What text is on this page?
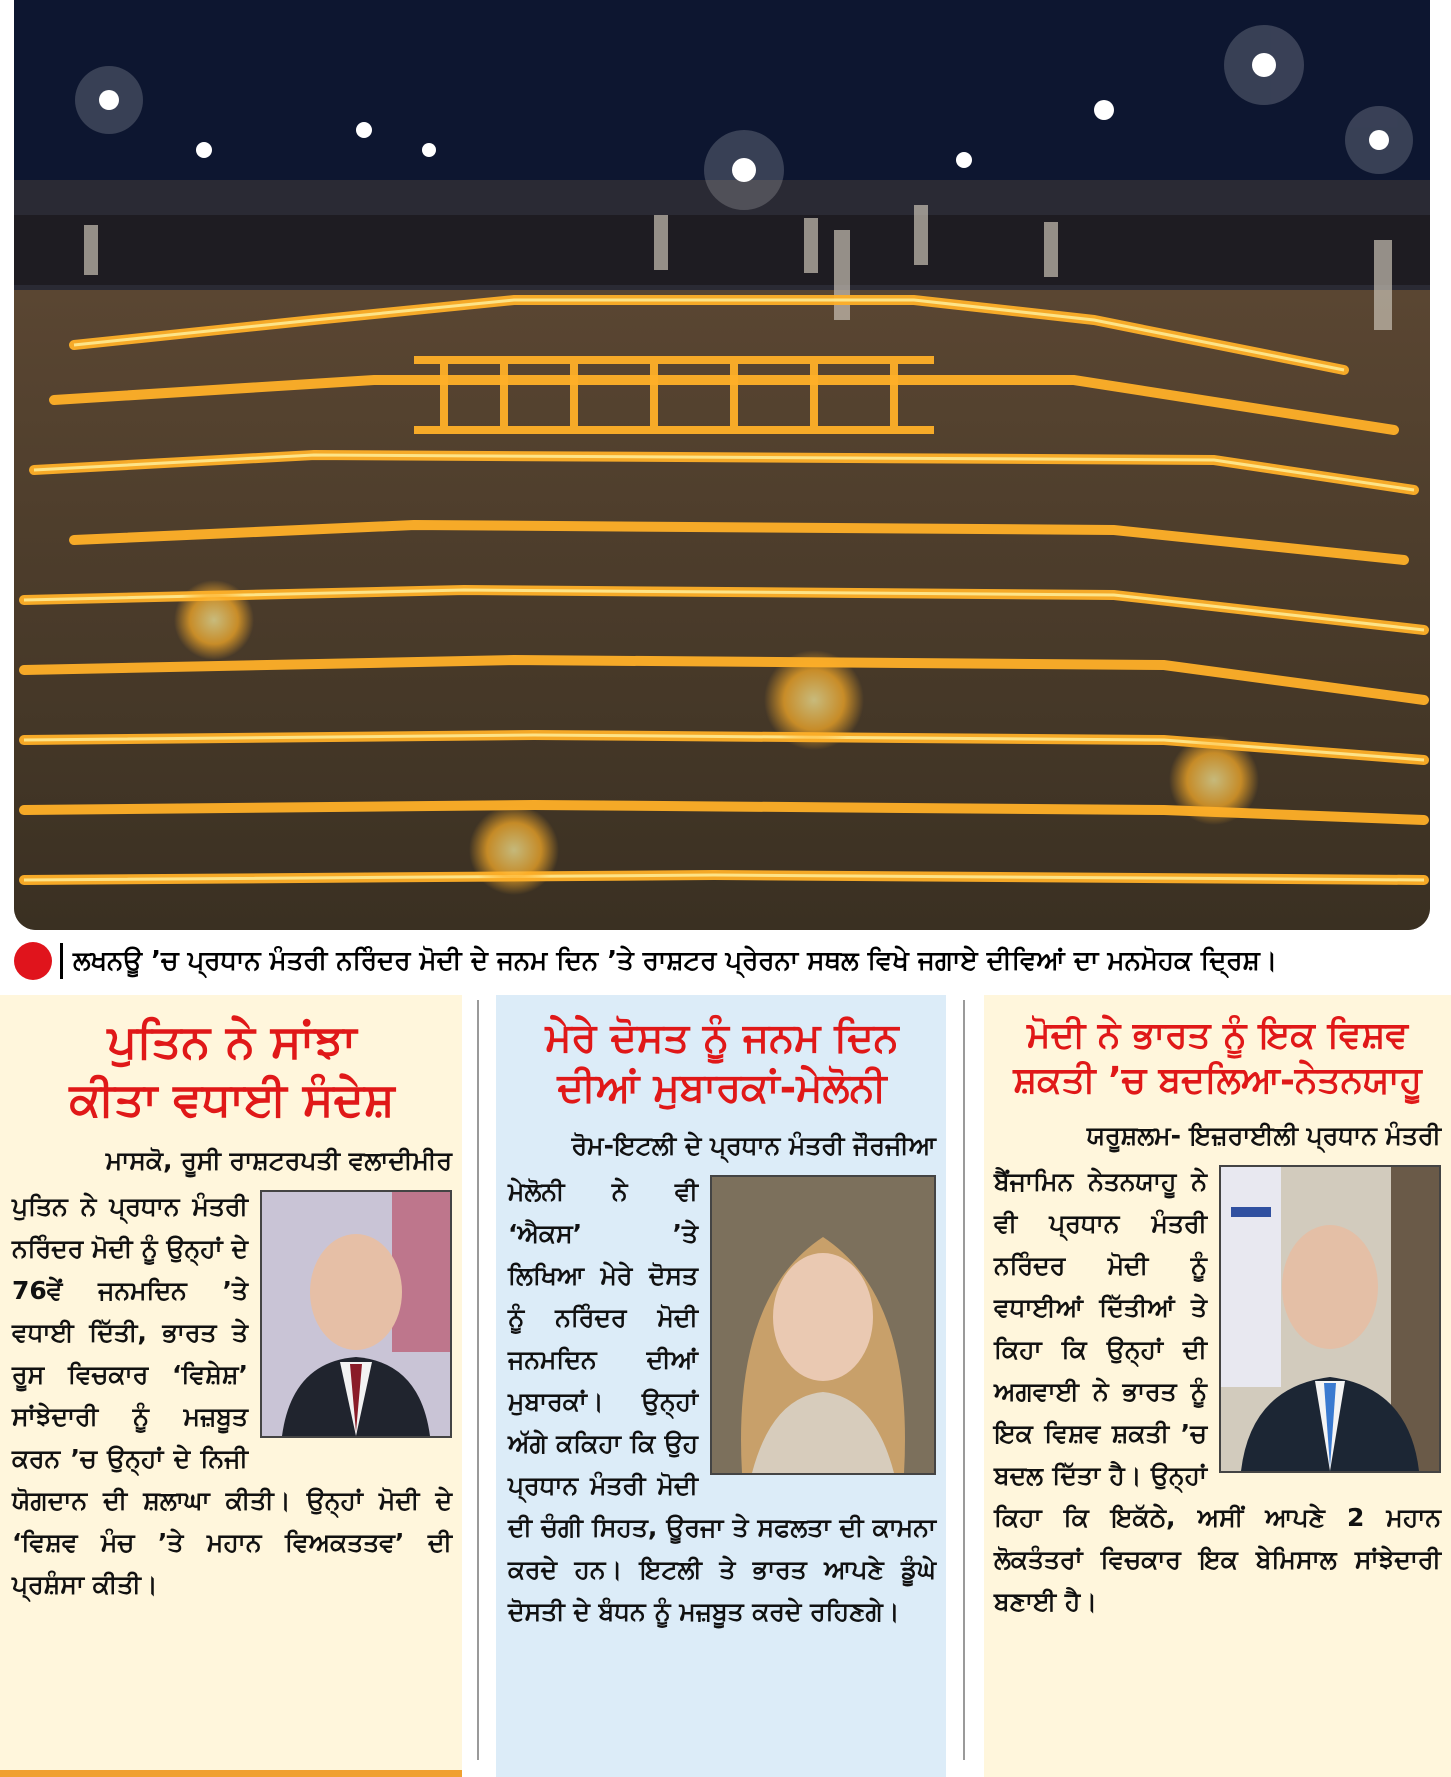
ਲਖਨਊ ’ਚ ਪ੍ਰਧਾਨ ਮੰਤਰੀ ਨਰਿੰਦਰ ਮੋਦੀ ਦੇ ਜਨਮ ਦਿਨ ’ਤੇ ਰਾਸ਼ਟਰ ਪ੍ਰੇਰਨਾ ਸਥਲ ਵਿਖੇ ਜਗਾਏ ਦੀਵਿਆਂ ਦਾ ਮਨਮੋਹਕ ਦ੍ਰਿਸ਼।
ਪੁਤਿਨ ਨੇ ਸਾਂਝਾ
ਕੀਤਾ ਵਧਾਈ ਸੰਦੇਸ਼
ਮਾਸਕੋ, ਰੂਸੀ ਰਾਸ਼ਟਰਪਤੀ ਵਲਾਦੀਮੀਰ

ਪੁਤਿਨ ਨੇ ਪ੍ਰਧਾਨ ਮੰਤਰੀ ਨਰਿੰਦਰ ਮੋਦੀ ਨੂੰ ਉਨ੍ਹਾਂ ਦੇ 76ਵੇਂ ਜਨਮਦਿਨ ’ਤੇ ਵਧਾਈ ਦਿੱਤੀ, ਭਾਰਤ ਤੇ ਰੂਸ ਵਿਚਕਾਰ ‘ਵਿਸ਼ੇਸ਼’ ਸਾਂਝੇਦਾਰੀ ਨੂੰ ਮਜ਼ਬੂਤ ਕਰਨ ’ਚ ਉਨ੍ਹਾਂ ਦੇ ਨਿਜੀ ਯੋਗਦਾਨ ਦੀ ਸ਼ਲਾਘਾ ਕੀਤੀ। ਉਨ੍ਹਾਂ ਮੋਦੀ ਦੇ ‘ਵਿਸ਼ਵ ਮੰਚ ’ਤੇ ਮਹਾਨ ਵਿਅਕਤਤਵ’ ਦੀ ਪ੍ਰਸ਼ੰਸਾ ਕੀਤੀ।

ਮੇਰੇ ਦੋਸਤ ਨੂੰ ਜਨਮ ਦਿਨ
ਦੀਆਂ ਮੁਬਾਰਕਾਂ-ਮੇਲੋਨੀ
ਰੋਮ-ਇਟਲੀ ਦੇ ਪ੍ਰਧਾਨ ਮੰਤਰੀ ਜੌਰਜੀਆ

ਮੇਲੋਨੀ ਨੇ ਵੀ ‘ਐਕਸ’ ’ਤੇ ਲਿਖਿਆ ਮੇਰੇ ਦੋਸਤ ਨੂੰ ਨਰਿੰਦਰ ਮੋਦੀ ਜਨਮਦਿਨ ਦੀਆਂ ਮੁਬਾਰਕਾਂ। ਉਨ੍ਹਾਂ ਅੱਗੇ ਕਕਿਹਾ ਕਿ ਉਹ ਪ੍ਰਧਾਨ ਮੰਤਰੀ ਮੋਦੀ ਦੀ ਚੰਗੀ ਸਿਹਤ, ਊਰਜਾ ਤੇ ਸਫਲਤਾ ਦੀ ਕਾਮਨਾ ਕਰਦੇ ਹਨ। ਇਟਲੀ ਤੇ ਭਾਰਤ ਆਪਣੇ ਡੂੰਘੇ ਦੋਸਤੀ ਦੇ ਬੰਧਨ ਨੂੰ ਮਜ਼ਬੂਤ ਕਰਦੇ ਰਹਿਣਗੇ।

ਮੋਦੀ ਨੇ ਭਾਰਤ ਨੂੰ ਇਕ ਵਿਸ਼ਵ
ਸ਼ਕਤੀ ’ਚ ਬਦਲਿਆ-ਨੇਤਨਯਾਹੂ
ਯਰੂਸ਼ਲਮ- ਇਜ਼ਰਾਈਲੀ ਪ੍ਰਧਾਨ ਮੰਤਰੀ

ਬੈਂਜਾਮਿਨ ਨੇਤਨਯਾਹੂ ਨੇ ਵੀ ਪ੍ਰਧਾਨ ਮੰਤਰੀ ਨਰਿੰਦਰ ਮੋਦੀ ਨੂੰ ਵਧਾਈਆਂ ਦਿੱਤੀਆਂ ਤੇ ਕਿਹਾ ਕਿ ਉਨ੍ਹਾਂ ਦੀ ਅਗਵਾਈ ਨੇ ਭਾਰਤ ਨੂੰ ਇਕ ਵਿਸ਼ਵ ਸ਼ਕਤੀ ’ਚ ਬਦਲ ਦਿੱਤਾ ਹੈ। ਉਨ੍ਹਾਂ ਕਿਹਾ ਕਿ ਇਕੱਠੇ, ਅਸੀਂ ਆਪਣੇ 2 ਮਹਾਨ ਲੋਕਤੰਤਰਾਂ ਵਿਚਕਾਰ ਇਕ ਬੇਮਿਸਾਲ ਸਾਂਝੇਦਾਰੀ ਬਣਾਈ ਹੈ।
